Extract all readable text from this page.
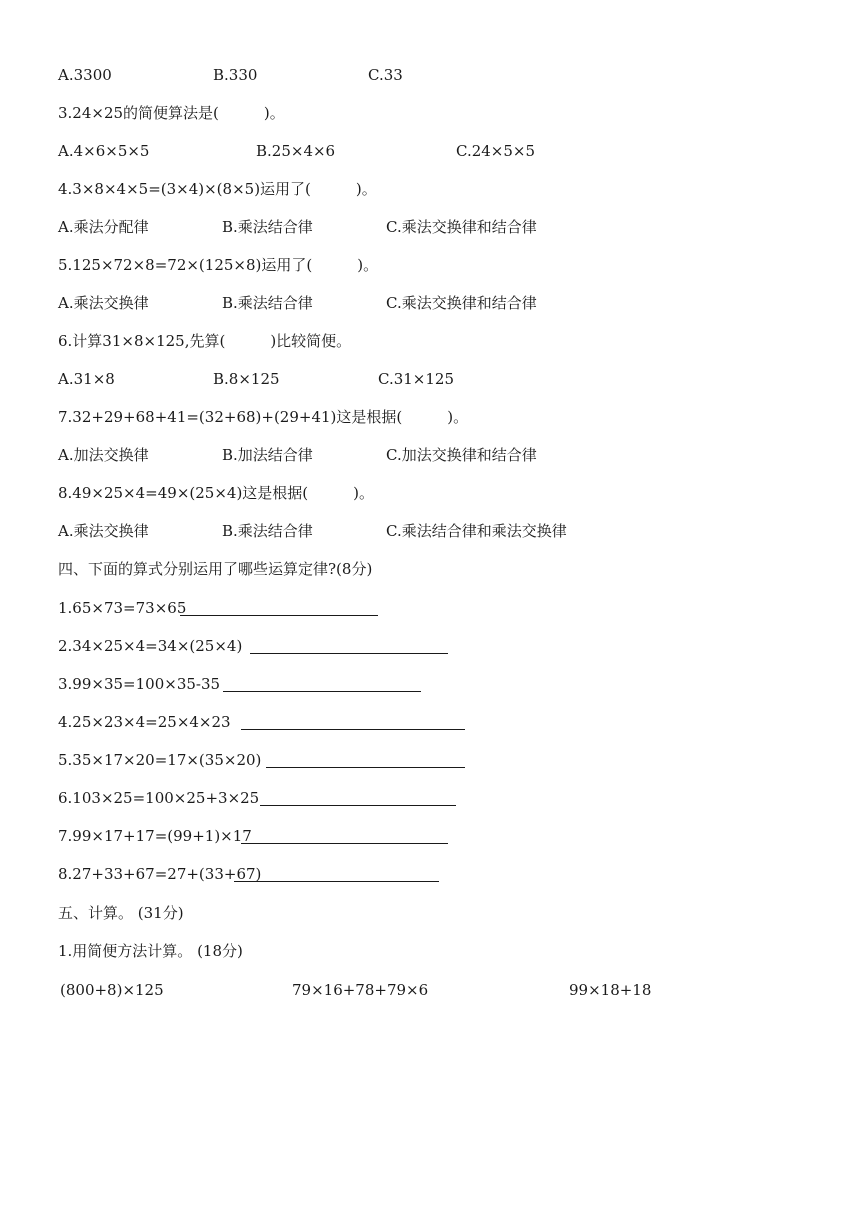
A.3300	B.330	C.33
3.24×25的简便算法是(　　　)。
A.4×6×5×5	B.25×4×6	C.24×5×5
4.3×8×4×5=(3×4)×(8×5)运用了(　　　)。
A.乘法分配律	B.乘法结合律	C.乘法交换律和结合律
5.125×72×8=72×(125×8)运用了(　　　)。
A.乘法交换律	B.乘法结合律	C.乘法交换律和结合律
6.计算31×8×125,先算(　　　)比较简便。
A.31×8	B.8×125	C.31×125
7.32+29+68+41=(32+68)+(29+41)这是根据(　　　)。
A.加法交换律	B.加法结合律	C.加法交换律和结合律
8.49×25×4=49×(25×4)这是根据(　　　)。
A.乘法交换律	B.乘法结合律	C.乘法结合律和乘法交换律
四、下面的算式分别运用了哪些运算定律?(8分)
1.65×73=73×65
2.34×25×4=34×(25×4)
3.99×35=100×35-35
4.25×23×4=25×4×23
5.35×17×20=17×(35×20)
6.103×25=100×25+3×25
7.99×17+17=(99+1)×17
8.27+33+67=27+(33+67)
五、计算。 (31分)
1.用简便方法计算。 (18分)
(800+8)×125	79×16+78+79×6	99×18+18
